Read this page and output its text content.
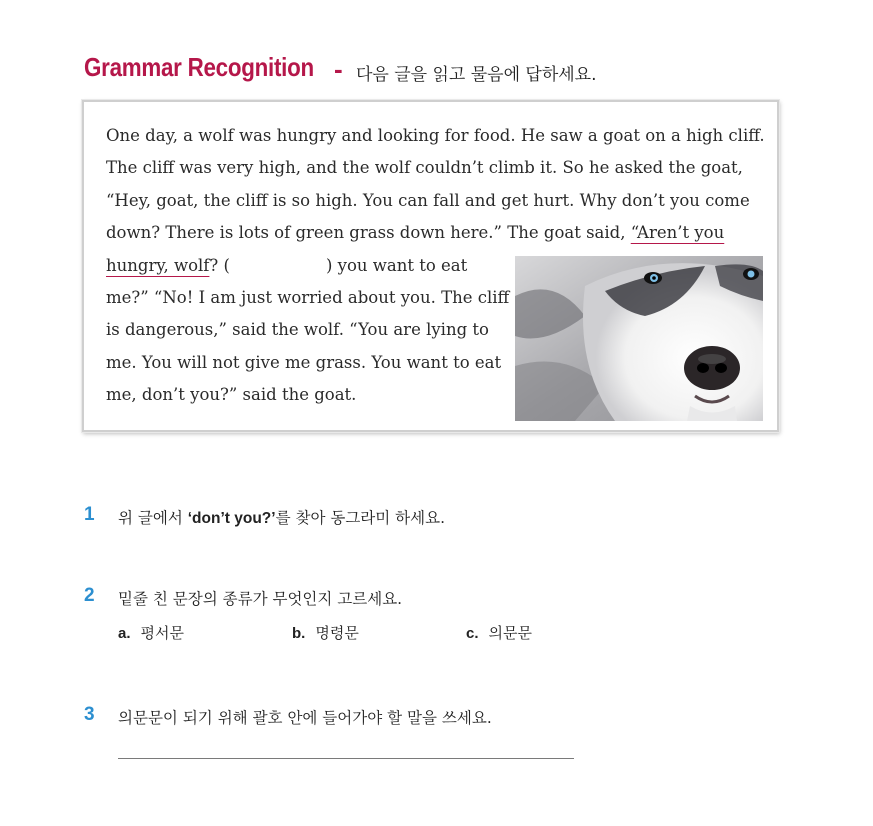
Grammar Recognition - 다음 글을 읽고 물음에 답하세요.
One day, a wolf was hungry and looking for food. He saw a goat on a high cliff.
The cliff was very high, and the wolf couldn’t climb it. So he asked the goat,
“Hey, goat, the cliff is so high. You can fall and get hurt. Why don’t you come
down? There is lots of green grass down here.” The goat said, “Aren’t you
hungry, wolf? (	) you want to eat
me?” “No! I am just worried about you. The cliff
is dangerous,” said the wolf. “You are lying to
me. You will not give me grass. You want to eat
me, don’t you?” said the goat.
1 위 글에서 ‘don’t you?’를 찾아 동그라미 하세요.
2 밑줄 친 문장의 종류가 무엇인지 고르세요.
a. 평서문	b. 명령문	c. 의문문
3 의문문이 되기 위해 괄호 안에 들어가야 할 말을 쓰세요.
